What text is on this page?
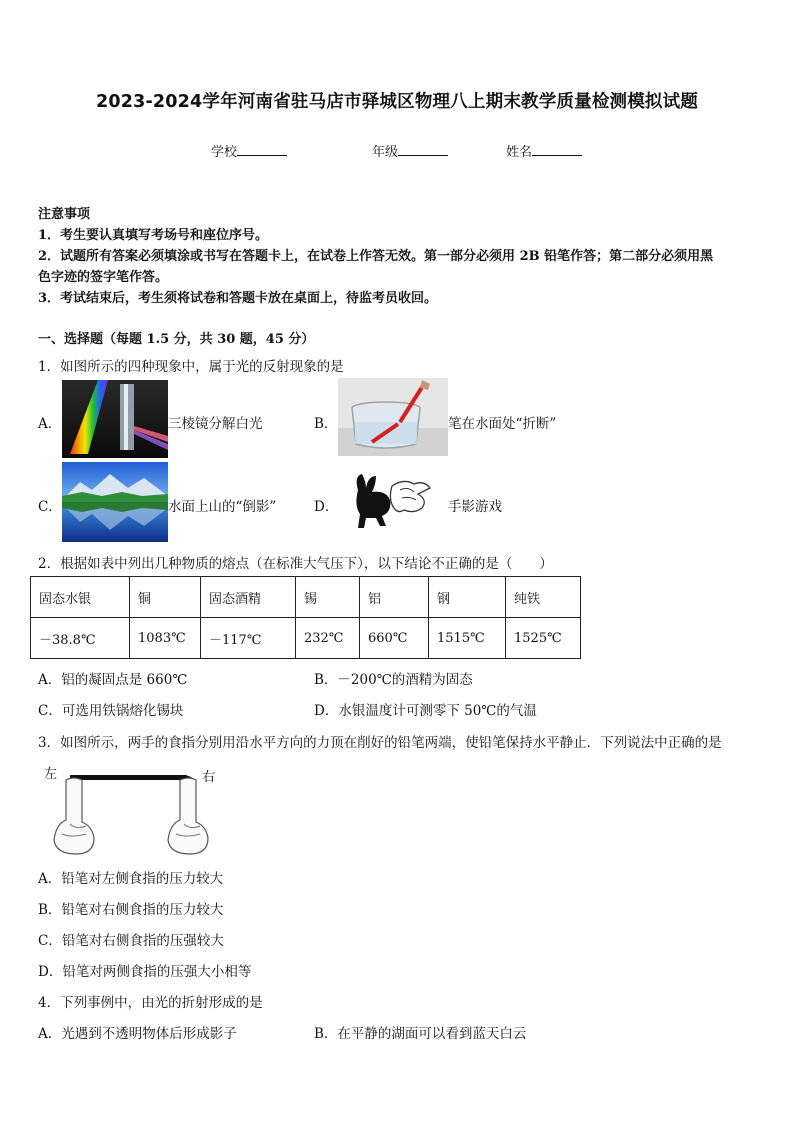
2023-2024学年河南省驻马店市驿城区物理八上期末教学质量检测模拟试题
学校	年级	姓名
注意事项
1．考生要认真填写考场号和座位序号。
2．试题所有答案必须填涂或书写在答题卡上，在试卷上作答无效。第一部分必须用 2B 铅笔作答；第二部分必须用黑
色字迹的签字笔作答。
3．考试结束后，考生须将试卷和答题卡放在桌面上，待监考员收回。
一、选择题（每题 1.5 分，共 30 题，45 分）
1．如图所示的四种现象中，属于光的反射现象的是
A．	三棱镜分解白光	B．	笔在水面处“折断”
C．	水面上山的“倒影”	D．	手影游戏
2．根据如表中列出几种物质的熔点（在标准大气压下），以下结论不正确的是（　　）
固态水银	铜	固态酒精	锡	铝	钢	纯铁
－38.8℃	1083℃	－117℃	232℃	660℃	1515℃	1525℃
A．铝的凝固点是 660℃	B．－200℃的酒精为固态
C．可选用铁锅熔化锡块	D．水银温度计可测零下 50℃的气温
3．如图所示，两手的食指分别用沿水平方向的力顶在削好的铅笔两端，使铅笔保持水平静止．下列说法中正确的是
左	右
A．铅笔对左侧食指的压力较大
B．铅笔对右侧食指的压力较大
C．铅笔对右侧食指的压强较大
D．铅笔对两侧食指的压强大小相等
4．下列事例中，由光的折射形成的是
A．光遇到不透明物体后形成影子	B．在平静的湖面可以看到蓝天白云
